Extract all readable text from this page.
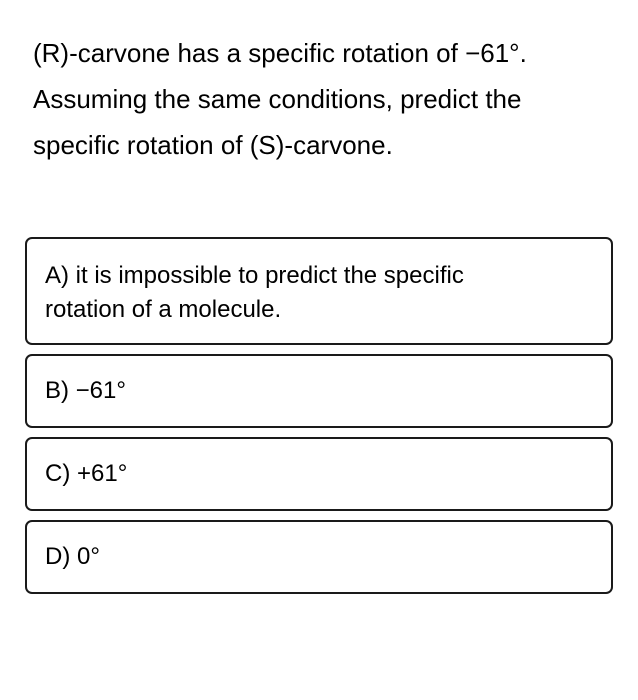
(R)-carvone has a specific rotation of −61°.
Assuming the same conditions, predict the
specific rotation of (S)-carvone.
A) it is impossible to predict the specific
rotation of a molecule.
B) −61°
C) +61°
D) 0°
